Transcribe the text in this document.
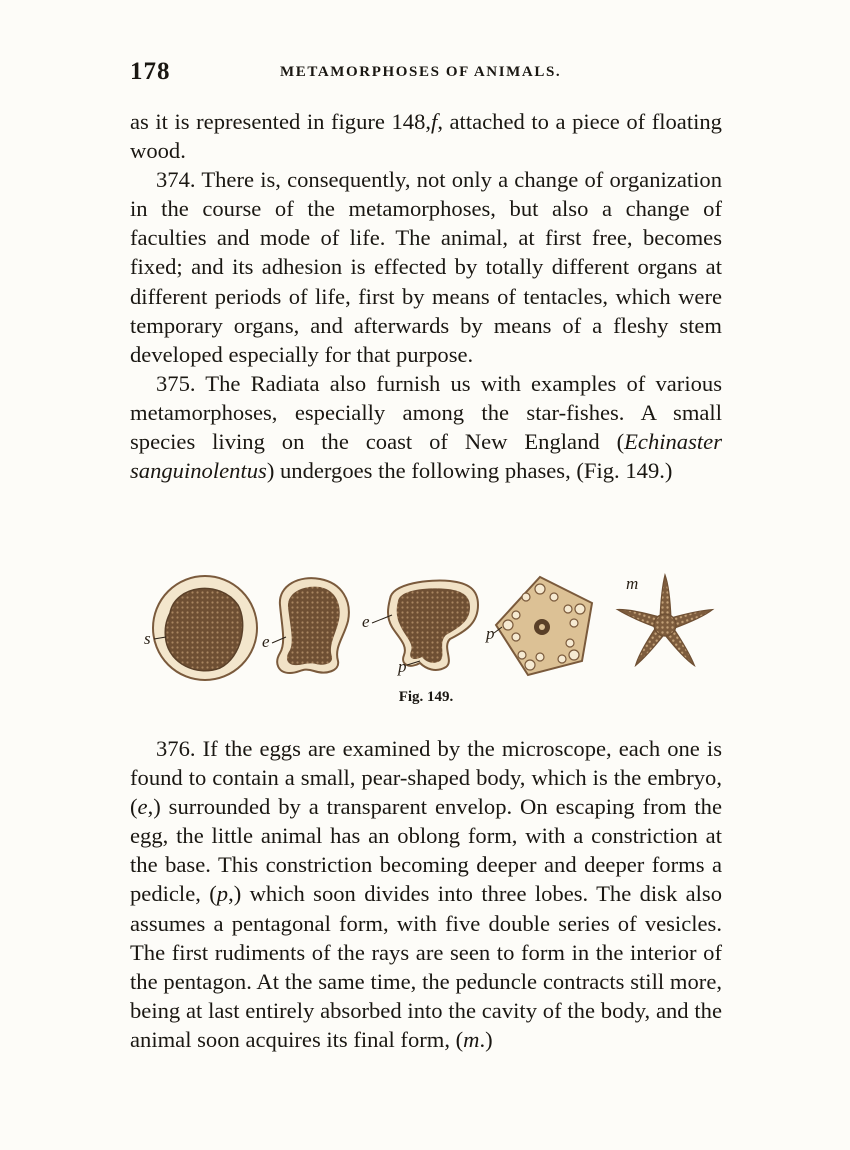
178	METAMORPHOSES OF ANIMALS.

as it is represented in figure 148,f, attached to a piece of floating wood.

374. There is, consequently, not only a change of organization in the course of the metamorphoses, but also a change of faculties and mode of life. The animal, at first free, becomes fixed; and its adhesion is effected by totally different organs at different periods of life, first by means of tentacles, which were temporary organs, and afterwards by means of a fleshy stem developed especially for that purpose.

375. The Radiata also furnish us with examples of various metamorphoses, especially among the star-fishes. A small species living on the coast of New England (Echinaster sanguinolentus) undergoes the following phases, (Fig. 149.)

s	e
e
p
p
m
Fig. 149.

376. If the eggs are examined by the microscope, each one is found to contain a small, pear-shaped body, which is the embryo, (e,) surrounded by a transparent envelop. On escaping from the egg, the little animal has an oblong form, with a constriction at the base. This constriction becoming deeper and deeper forms a pedicle, (p,) which soon divides into three lobes. The disk also assumes a pentagonal form, with five double series of vesicles. The first rudiments of the rays are seen to form in the interior of the pentagon. At the same time, the peduncle contracts still more, being at last entirely absorbed into the cavity of the body, and the animal soon acquires its final form, (m.)
